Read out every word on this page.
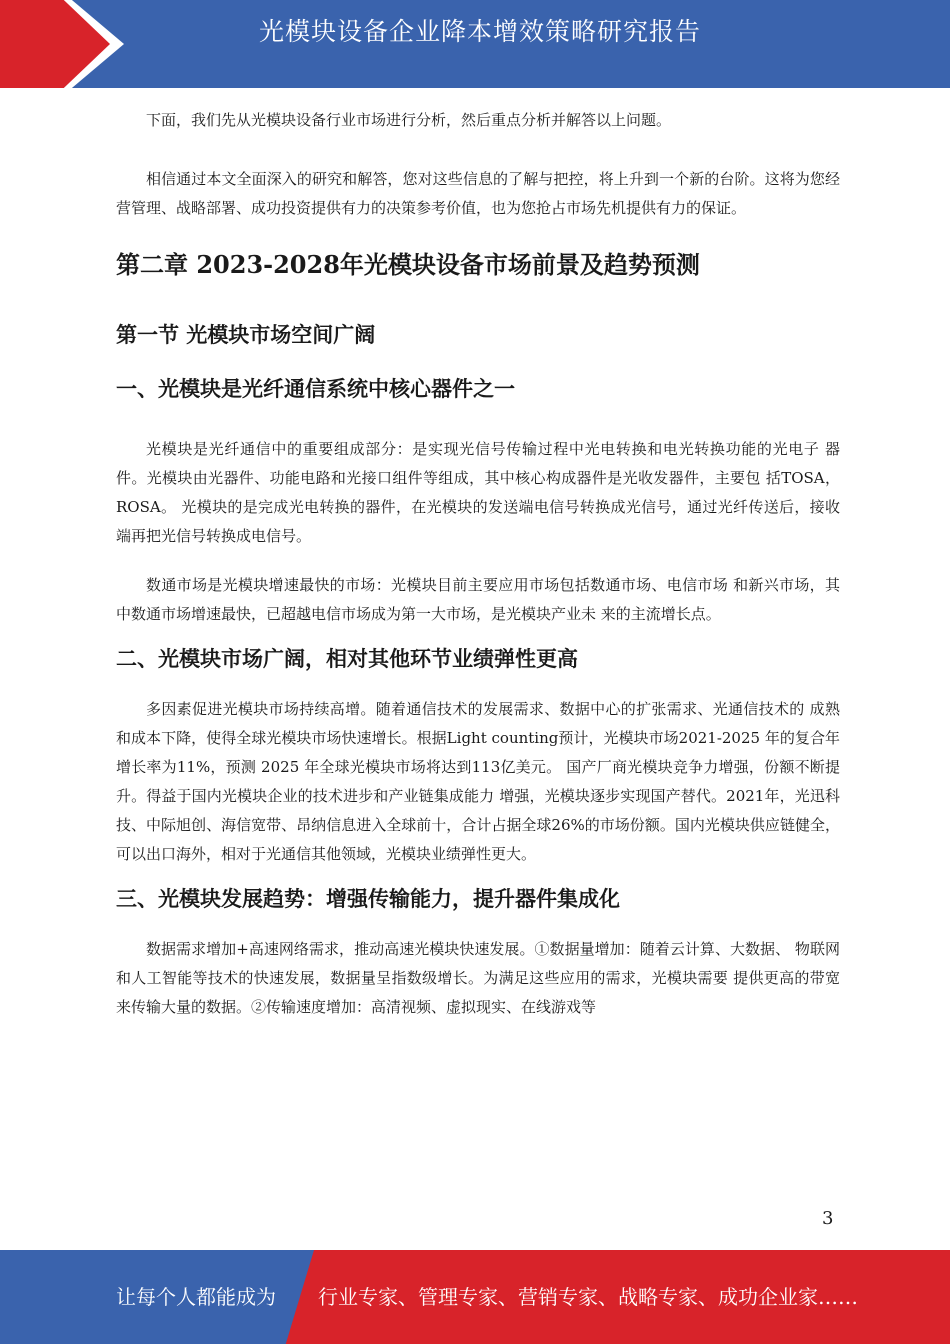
光模块设备企业降本增效策略研究报告

下面，我们先从光模块设备行业市场进行分析，然后重点分析并解答以上问题。

相信通过本文全面深入的研究和解答，您对这些信息的了解与把控，将上升到一个新的台阶。这将为您经营管理、战略部署、成功投资提供有力的决策参考价值，也为您抢占市场先机提供有力的保证。

第二章 2023-2028年光模块设备市场前景及趋势预测
第一节 光模块市场空间广阔
一、光模块是光纤通信系统中核心器件之一

光模块是光纤通信中的重要组成部分：是实现光信号传输过程中光电转换和电光转换功能的光电子 器件。光模块由光器件、功能电路和光接口组件等组成，其中核心构成器件是光收发器件，主要包 括TOSA，ROSA。 光模块的是完成光电转换的器件，在光模块的发送端电信号转换成光信号，通过光纤传送后，接收 端再把光信号转换成电信号。

数通市场是光模块增速最快的市场：光模块目前主要应用市场包括数通市场、电信市场 和新兴市场，其中数通市场增速最快，已超越电信市场成为第一大市场，是光模块产业未 来的主流增长点。

二、光模块市场广阔，相对其他环节业绩弹性更高

多因素促进光模块市场持续高增。随着通信技术的发展需求、数据中心的扩张需求、光通信技术的 成熟和成本下降，使得全球光模块市场快速增长。根据Light counting预计，光模块市场2021-2025 年的复合年增长率为11%，预测 2025 年全球光模块市场将达到113亿美元。 国产厂商光模块竞争力增强，份额不断提升。得益于国内光模块企业的技术进步和产业链集成能力 增强，光模块逐步实现国产替代。2021年，光迅科技、中际旭创、海信宽带、昂纳信息进入全球前十，合计占据全球26%的市场份额。国内光模块供应链健全，可以出口海外，相对于光通信其他领域，光模块业绩弹性更大。

三、光模块发展趋势：增强传输能力，提升器件集成化

数据需求增加+高速网络需求，推动高速光模块快速发展。①数据量增加：随着云计算、大数据、 物联网和人工智能等技术的快速发展，数据量呈指数级增长。为满足这些应用的需求，光模块需要 提供更高的带宽来传输大量的数据。②传输速度增加：高清视频、虚拟现实、在线游戏等

3
让每个人都能成为 行业专家、管理专家、营销专家、战略专家、成功企业家……
